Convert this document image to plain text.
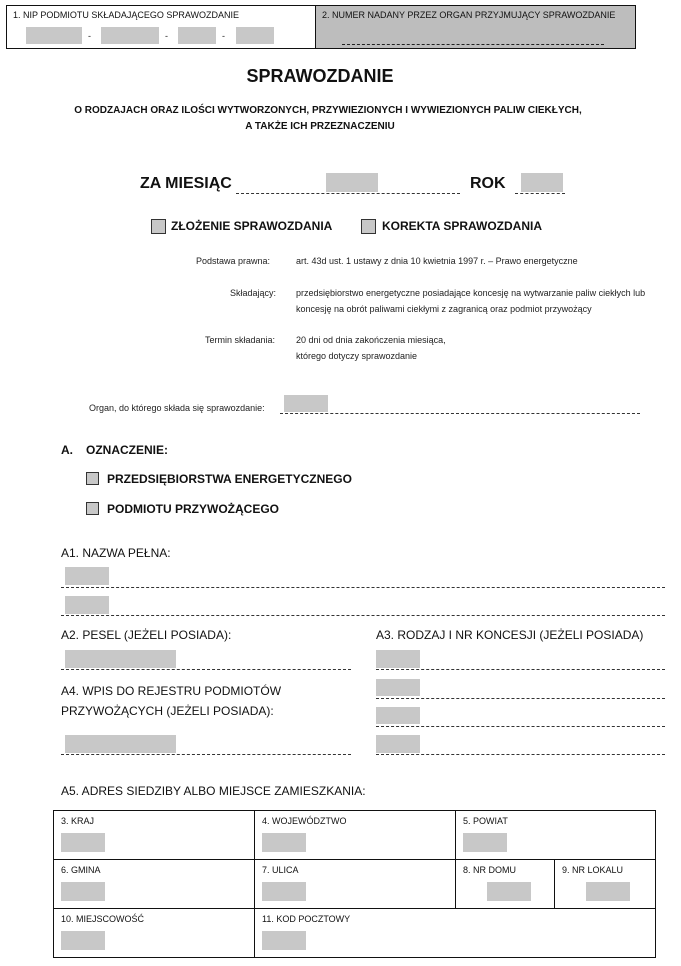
1. NIP PODMIOTU SKŁADAJĄCEGO SPRAWOZDANIE
-	-	-
2. NUMER NADANY PRZEZ ORGAN PRZYJMUJĄCY SPRAWOZDANIE
SPRAWOZDANIE
O RODZAJACH ORAZ ILOŚCI WYTWORZONYCH, PRZYWIEZIONYCH I WYWIEZIONYCH PALIW CIEKŁYCH,
A TAKŻE ICH PRZEZNACZENIU
ZA MIESIĄC	ROK
ZŁOŻENIE SPRAWOZDANIA	KOREKTA SPRAWOZDANIA
Podstawa prawna:	art. 43d ust. 1 ustawy z dnia 10 kwietnia 1997 r. – Prawo energetyczne
Składający: przedsiębiorstwo energetyczne posiadające koncesję na wytwarzanie paliw ciekłych lub
koncesję na obrót paliwami ciekłymi z zagranicą oraz podmiot przywożący
Termin składania: 20 dni od dnia zakończenia miesiąca,
którego dotyczy sprawozdanie
Organ, do którego składa się sprawozdanie:
A. OZNACZENIE:
PRZEDSIĘBIORSTWA ENERGETYCZNEGO
PODMIOTU PRZYWOŻĄCEGO
A1. NAZWA PEŁNA:
A2. PESEL (JEŻELI POSIADA):	A3. RODZAJ I NR KONCESJI (JEŻELI POSIADA)
A4. WPIS DO REJESTRU PODMIOTÓW
PRZYWOŻĄCYCH (JEŻELI POSIADA):
A5. ADRES SIEDZIBY ALBO MIEJSCE ZAMIESZKANIA:
3. KRAJ	4. WOJEWÓDZTWO	5. POWIAT
6. GMINA	7. ULICA	8. NR DOMU	9. NR LOKALU
10. MIEJSCOWOŚĆ	11. KOD POCZTOWY
